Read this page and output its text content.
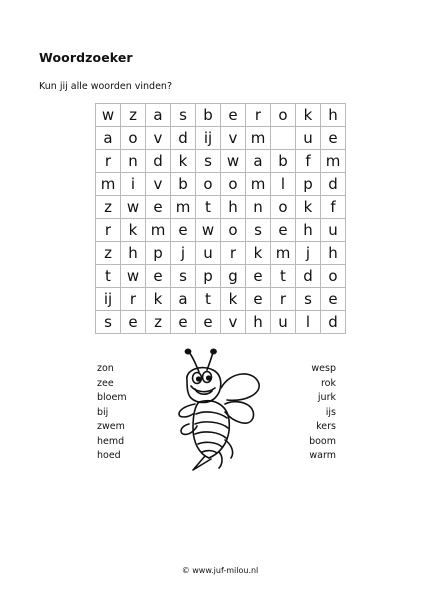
Woordzoeker
Kun jij alle woorden vinden?
w	z	a	s	b	e	r	o	k	h
a	o	v	d	ij	v	m		u	e
r	n	d	k	s	w	a	b	f	m
m	i	v	b	o	o	m	l	p	d
z	w	e	m	t	h	n	o	k	f
r	k	m	e	w	o	s	e	h	u
z	h	p	j	u	r	k	m	j	h
t	w	e	s	p	g	e	t	d	o
ij	r	k	a	t	k	e	r	s	e
s	e	z	e	e	v	h	u	l	d
zon
zee
bloem
bij
zwem
hemd
hoed
wesp
rok
jurk
ijs
kers
boom
warm
© www.juf-milou.nl
